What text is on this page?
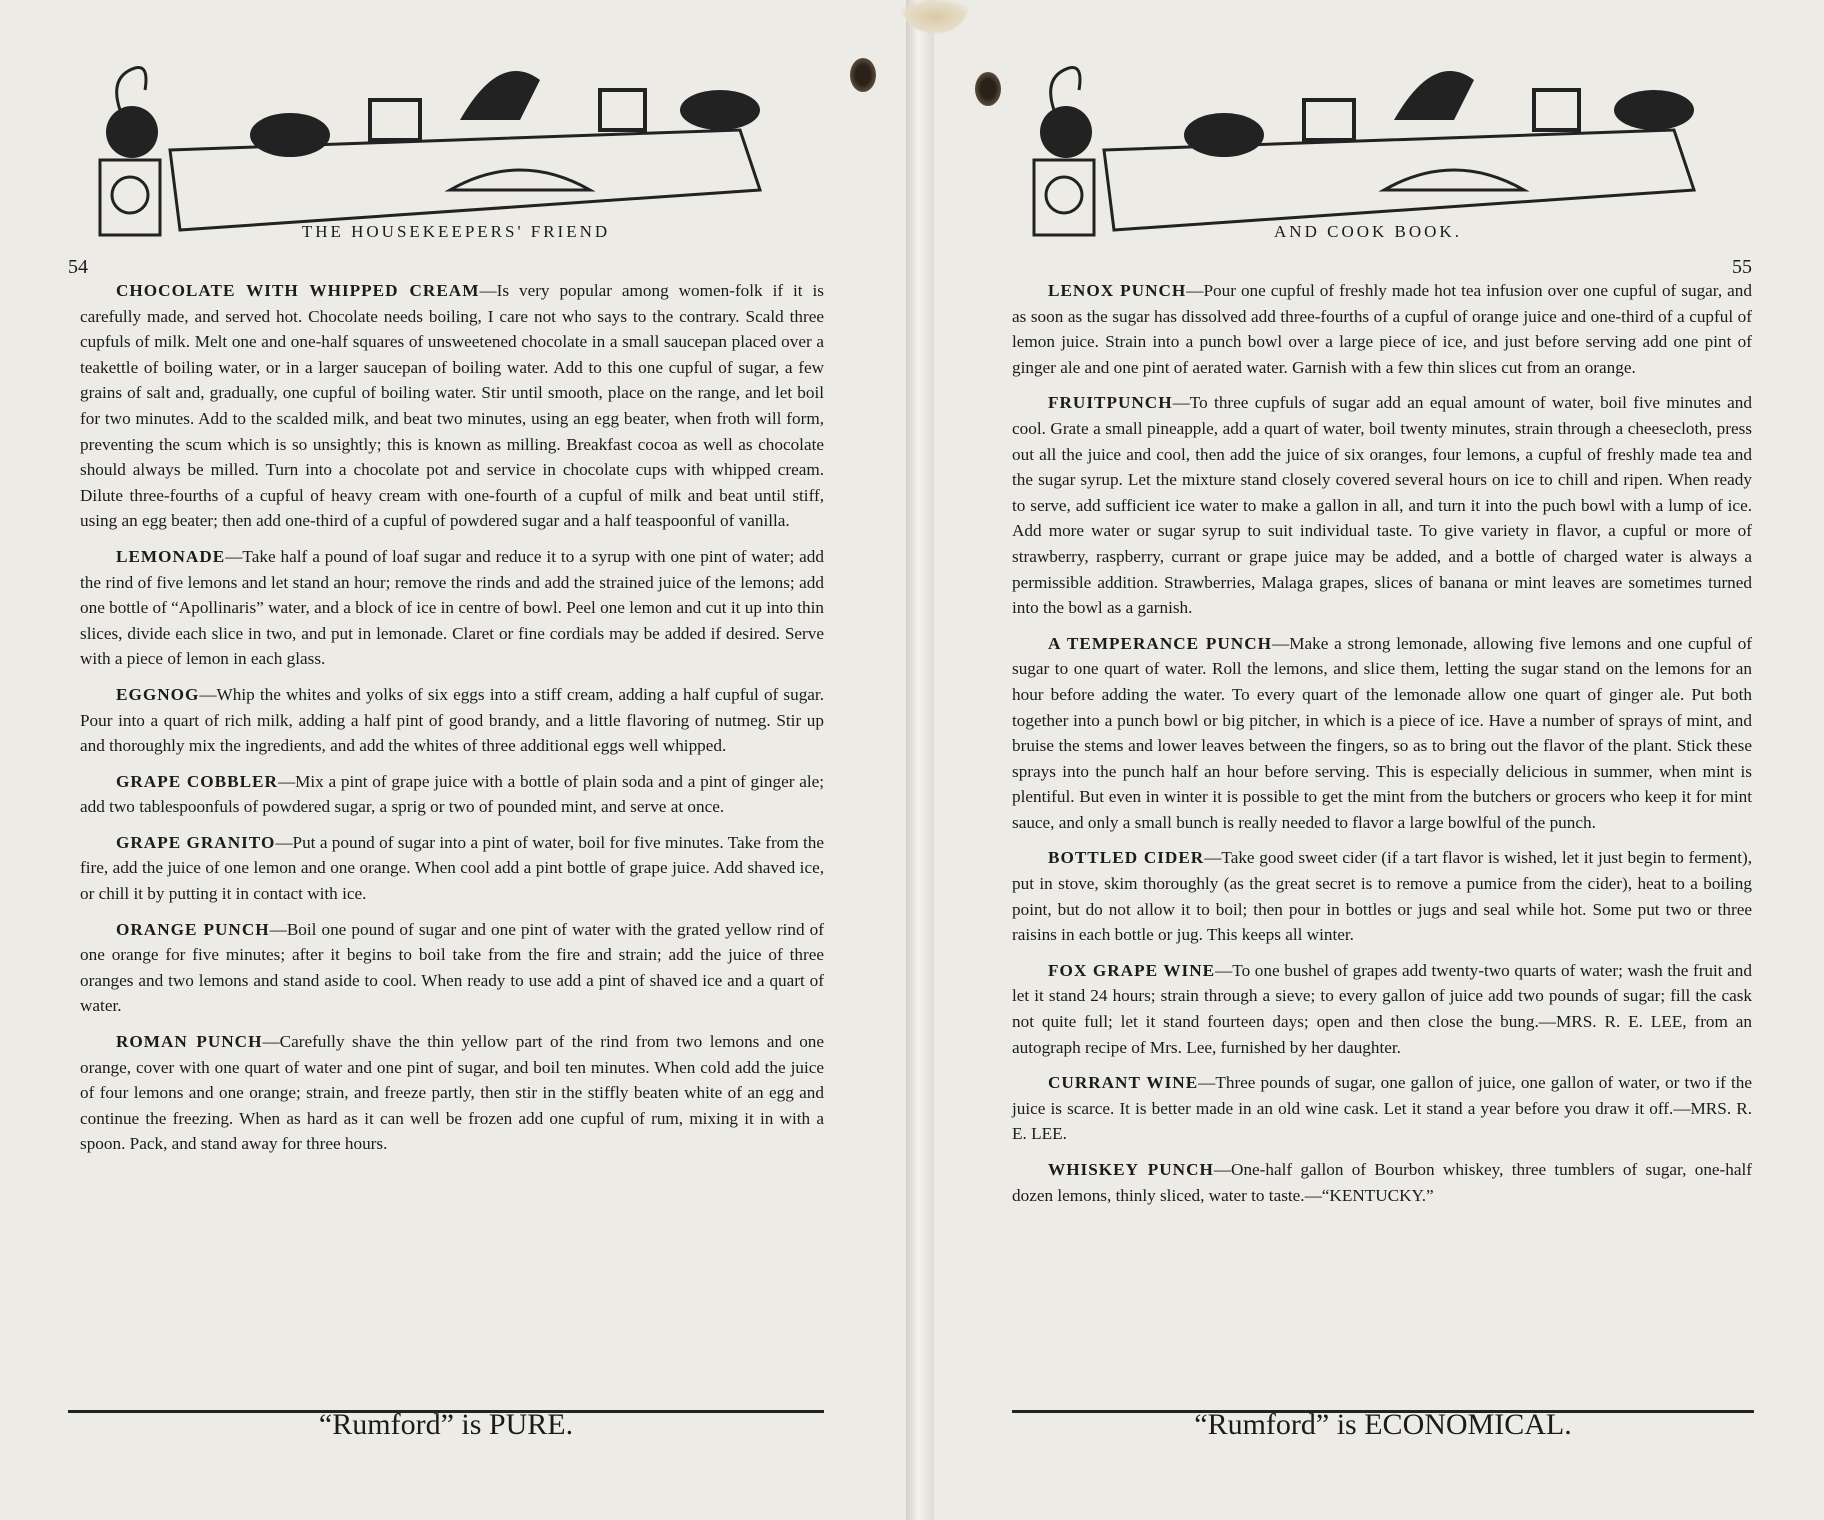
THE HOUSEKEEPERS' FRIEND
54

CHOCOLATE WITH WHIPPED CREAM—Is very popular among women-folk if it is carefully made, and served hot. Chocolate needs boiling, I care not who says to the contrary. Scald three cupfuls of milk. Melt one and one-half squares of unsweetened chocolate in a small saucepan placed over a teakettle of boiling water, or in a larger saucepan of boiling water. Add to this one cupful of sugar, a few grains of salt and, gradually, one cupful of boiling water. Stir until smooth, place on the range, and let boil for two minutes. Add to the scalded milk, and beat two minutes, using an egg beater, when froth will form, preventing the scum which is so unsightly; this is known as milling. Breakfast cocoa as well as chocolate should always be milled. Turn into a chocolate pot and service in chocolate cups with whipped cream. Dilute three-fourths of a cupful of heavy cream with one-fourth of a cupful of milk and beat until stiff, using an egg beater; then add one-third of a cupful of powdered sugar and a half teaspoonful of vanilla.

LEMONADE—Take half a pound of loaf sugar and reduce it to a syrup with one pint of water; add the rind of five lemons and let stand an hour; remove the rinds and add the strained juice of the lemons; add one bottle of “Apollinaris” water, and a block of ice in centre of bowl. Peel one lemon and cut it up into thin slices, divide each slice in two, and put in lemonade. Claret or fine cordials may be added if desired. Serve with a piece of lemon in each glass.

EGGNOG—Whip the whites and yolks of six eggs into a stiff cream, adding a half cupful of sugar. Pour into a quart of rich milk, adding a half pint of good brandy, and a little flavoring of nutmeg. Stir up and thoroughly mix the ingredients, and add the whites of three additional eggs well whipped.

GRAPE COBBLER—Mix a pint of grape juice with a bottle of plain soda and a pint of ginger ale; add two tablespoonfuls of powdered sugar, a sprig or two of pounded mint, and serve at once.

GRAPE GRANITO—Put a pound of sugar into a pint of water, boil for five minutes. Take from the fire, add the juice of one lemon and one orange. When cool add a pint bottle of grape juice. Add shaved ice, or chill it by putting it in contact with ice.

ORANGE PUNCH—Boil one pound of sugar and one pint of water with the grated yellow rind of one orange for five minutes; after it begins to boil take from the fire and strain; add the juice of three oranges and two lemons and stand aside to cool. When ready to use add a pint of shaved ice and a quart of water.

ROMAN PUNCH—Carefully shave the thin yellow part of the rind from two lemons and one orange, cover with one quart of water and one pint of sugar, and boil ten minutes. When cold add the juice of four lemons and one orange; strain, and freeze partly, then stir in the stiffly beaten white of an egg and continue the freezing. When as hard as it can well be frozen add one cupful of rum, mixing it in with a spoon. Pack, and stand away for three hours.

“Rumford” is PURE.
AND COOK BOOK.
55

LENOX PUNCH—Pour one cupful of freshly made hot tea infusion over one cupful of sugar, and as soon as the sugar has dissolved add three-fourths of a cupful of orange juice and one-third of a cupful of lemon juice. Strain into a punch bowl over a large piece of ice, and just before serving add one pint of ginger ale and one pint of aerated water. Garnish with a few thin slices cut from an orange.

FRUITPUNCH—To three cupfuls of sugar add an equal amount of water, boil five minutes and cool. Grate a small pineapple, add a quart of water, boil twenty minutes, strain through a cheesecloth, press out all the juice and cool, then add the juice of six oranges, four lemons, a cupful of freshly made tea and the sugar syrup. Let the mixture stand closely covered several hours on ice to chill and ripen. When ready to serve, add sufficient ice water to make a gallon in all, and turn it into the puch bowl with a lump of ice. Add more water or sugar syrup to suit individual taste. To give variety in flavor, a cupful or more of strawberry, raspberry, currant or grape juice may be added, and a bottle of charged water is always a permissible addition. Strawberries, Malaga grapes, slices of banana or mint leaves are sometimes turned into the bowl as a garnish.

A TEMPERANCE PUNCH—Make a strong lemonade, allowing five lemons and one cupful of sugar to one quart of water. Roll the lemons, and slice them, letting the sugar stand on the lemons for an hour before adding the water. To every quart of the lemonade allow one quart of ginger ale. Put both together into a punch bowl or big pitcher, in which is a piece of ice. Have a number of sprays of mint, and bruise the stems and lower leaves between the fingers, so as to bring out the flavor of the plant. Stick these sprays into the punch half an hour before serving. This is especially delicious in summer, when mint is plentiful. But even in winter it is possible to get the mint from the butchers or grocers who keep it for mint sauce, and only a small bunch is really needed to flavor a large bowlful of the punch.

BOTTLED CIDER—Take good sweet cider (if a tart flavor is wished, let it just begin to ferment), put in stove, skim thoroughly (as the great secret is to remove a pumice from the cider), heat to a boiling point, but do not allow it to boil; then pour in bottles or jugs and seal while hot. Some put two or three raisins in each bottle or jug. This keeps all winter.

FOX GRAPE WINE—To one bushel of grapes add twenty-two quarts of water; wash the fruit and let it stand 24 hours; strain through a sieve; to every gallon of juice add two pounds of sugar; fill the cask not quite full; let it stand fourteen days; open and then close the bung.—MRS. R. E. LEE, from an autograph recipe of Mrs. Lee, furnished by her daughter.

CURRANT WINE—Three pounds of sugar, one gallon of juice, one gallon of water, or two if the juice is scarce. It is better made in an old wine cask. Let it stand a year before you draw it off.—MRS. R. E. LEE.

WHISKEY PUNCH—One-half gallon of Bourbon whiskey, three tumblers of sugar, one-half dozen lemons, thinly sliced, water to taste.—“KENTUCKY.”

“Rumford” is ECONOMICAL.
